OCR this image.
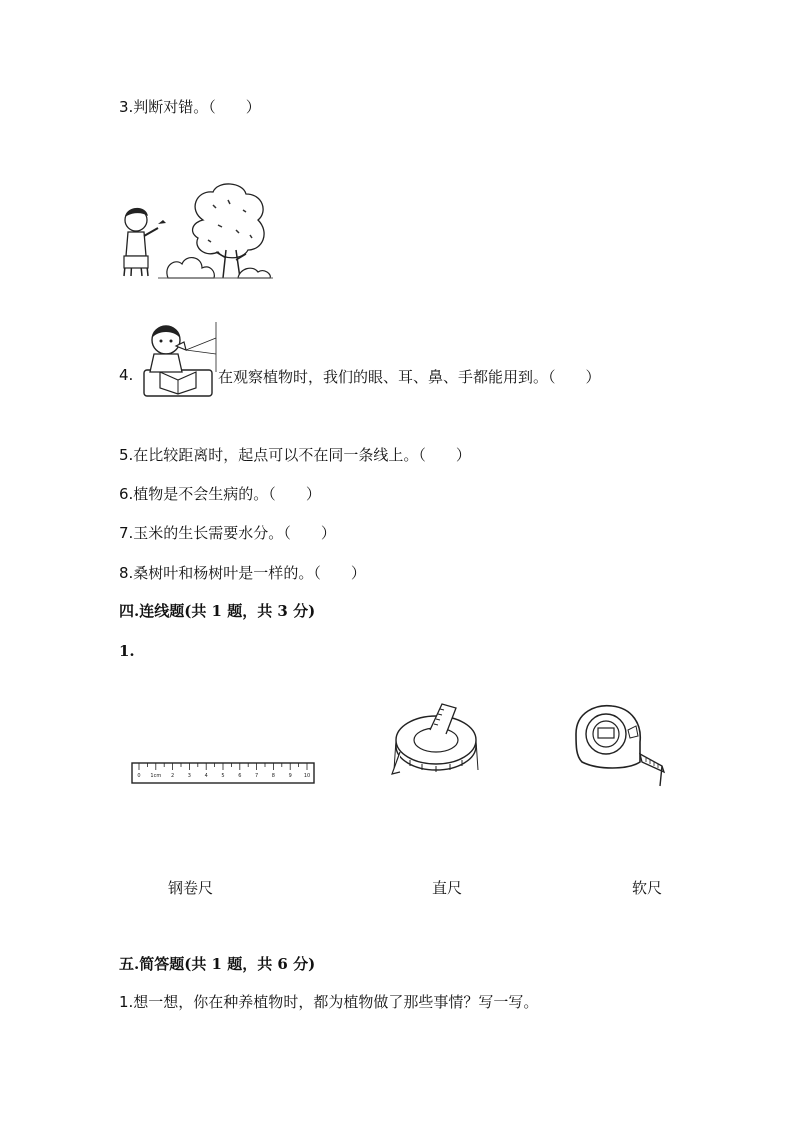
3.判断对错。（　　）
4.	在观察植物时，我们的眼、耳、鼻、手都能用到。（　　）
5.在比较距离时，起点可以不在同一条线上。（　　）
6.植物是不会生病的。（　　）
7.玉米的生长需要水分。（　　）
8.桑树叶和杨树叶是一样的。（　　）
四.连线题(共 1 题，共 3 分)
1.
0 1cm 2	3	4	5	6	7	8	9 10
钢卷尺	直尺	软尺
五.简答题(共 1 题，共 6 分)
1.想一想，你在种养植物时，都为植物做了那些事情？写一写。
